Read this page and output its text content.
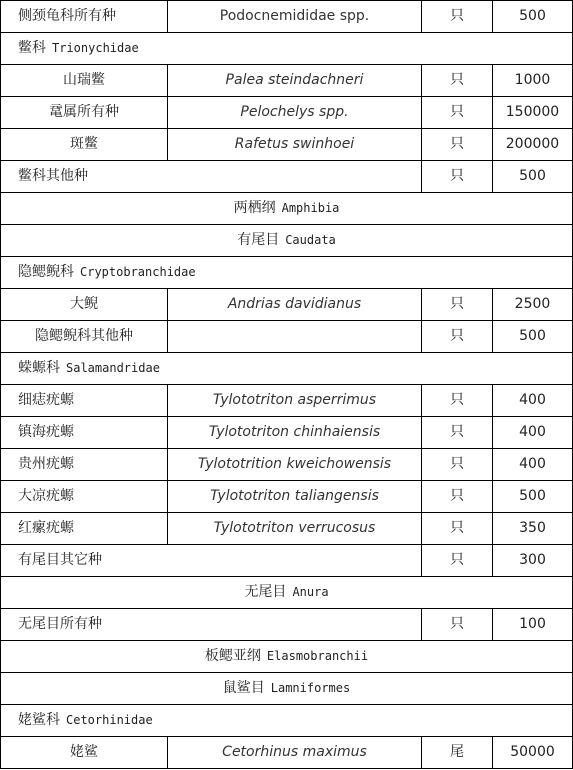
侧颈龟科所有种	Podocnemididae spp.	只	500
鳖科 Trionychidae			
山瑞鳖	Palea steindachneri	只	1000
鼋属所有种	Pelochelys spp.	只	150000
斑鳖	Rafetus swinhoei	只	200000
鳖科其他种		只	500
两栖纲 Amphibia			
有尾目 Caudata			
隐鳃鲵科 Cryptobranchidae			
大鲵	Andrias davidianus	只	2500
隐鳃鲵科其他种		只	500
蝾螈科 Salamandridae			
细痣疣螈	Tylototriton asperrimus	只	400
镇海疣螈	Tylototriton chinhaiensis	只	400
贵州疣螈	Tylototrition kweichowensis	只	400
大凉疣螈	Tylototriton taliangensis	只	500
红瘰疣螈	Tylototriton verrucosus	只	350
有尾目其它种		只	300
无尾目 Anura			
无尾目所有种		只	100
板鳃亚纲 Elasmobranchii			
鼠鲨目 Lamniformes			
姥鲨科 Cetorhinidae			
姥鲨	Cetorhinus maximus	尾	50000
